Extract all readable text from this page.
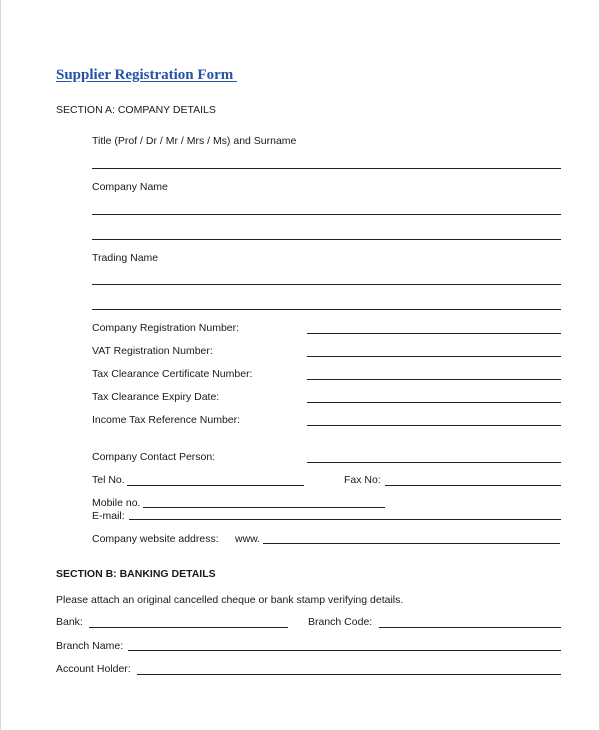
Supplier Registration Form
SECTION A: COMPANY DETAILS
Title (Prof / Dr / Mr / Mrs / Ms) and Surname
Company Name
Trading Name
Company Registration Number:
VAT Registration Number:
Tax Clearance Certificate Number:
Tax Clearance Expiry Date:
Income Tax Reference Number:
Company Contact Person:
Tel No.	Fax No:
Mobile no.
E-mail:
Company website address: www.
SECTION B: BANKING DETAILS
Please attach an original cancelled cheque or bank stamp verifying details.
Bank:	Branch Code:
Branch Name:
Account Holder:
